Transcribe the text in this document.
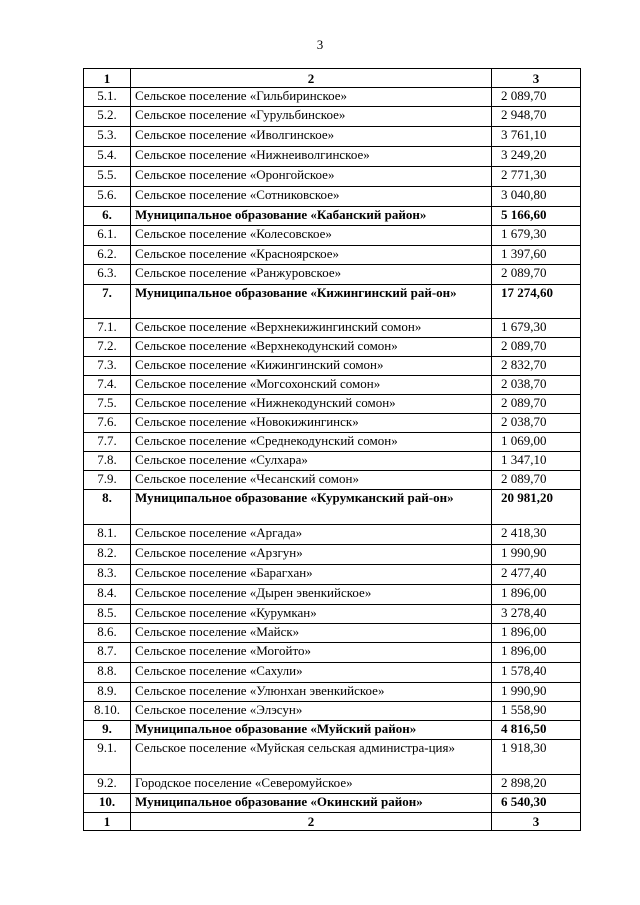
3
1	2	3
5.1.	Сельское поселение «Гильбиринское»	2 089,70
5.2.	Сельское поселение «Гурульбинское»	2 948,70
5.3.	Сельское поселение «Иволгинское»	3 761,10
5.4.	Сельское поселение «Нижнеиволгинское»	3 249,20
5.5.	Сельское поселение «Оронгойское»	2 771,30
5.6.	Сельское поселение «Сотниковское»	3 040,80
6.	Муниципальное образование «Кабанский район»	5 166,60
6.1.	Сельское поселение «Колесовское»	1 679,30
6.2.	Сельское поселение «Красноярское»	1 397,60
6.3.	Сельское поселение «Ранжуровское»	2 089,70
7.	Муниципальное образование «Кижингинский рай-он»	17 274,60
7.1.	Сельское поселение «Верхнекижингинский сомон»	1 679,30
7.2.	Сельское поселение «Верхнекодунский сомон»	2 089,70
7.3.	Сельское поселение «Кижингинский сомон»	2 832,70
7.4.	Сельское поселение «Могсохонский сомон»	2 038,70
7.5.	Сельское поселение «Нижнекодунский сомон»	2 089,70
7.6.	Сельское поселение «Новокижингинск»	2 038,70
7.7.	Сельское поселение «Среднекодунский сомон»	1 069,00
7.8.	Сельское поселение «Сулхара»	1 347,10
7.9.	Сельское поселение «Чесанский сомон»	2 089,70
8.	Муниципальное образование «Курумканский рай-он»	20 981,20
8.1.	Сельское поселение «Аргада»	2 418,30
8.2.	Сельское поселение «Арзгун»	1 990,90
8.3.	Сельское поселение «Барагхан»	2 477,40
8.4.	Сельское поселение «Дырен эвенкийское»	1 896,00
8.5.	Сельское поселение «Курумкан»	3 278,40
8.6.	Сельское поселение «Майск»	1 896,00
8.7.	Сельское поселение «Могойто»	1 896,00
8.8.	Сельское поселение «Сахули»	1 578,40
8.9.	Сельское поселение «Улюнхан эвенкийское»	1 990,90
8.10.	Сельское поселение «Элэсун»	1 558,90
9.	Муниципальное образование «Муйский район»	4 816,50
9.1.	Сельское поселение «Муйская сельская администра-ция»	1 918,30
9.2.	Городское поселение «Северомуйское»	2 898,20
10.	Муниципальное образование «Окинский район»	6 540,30
1	2	3
